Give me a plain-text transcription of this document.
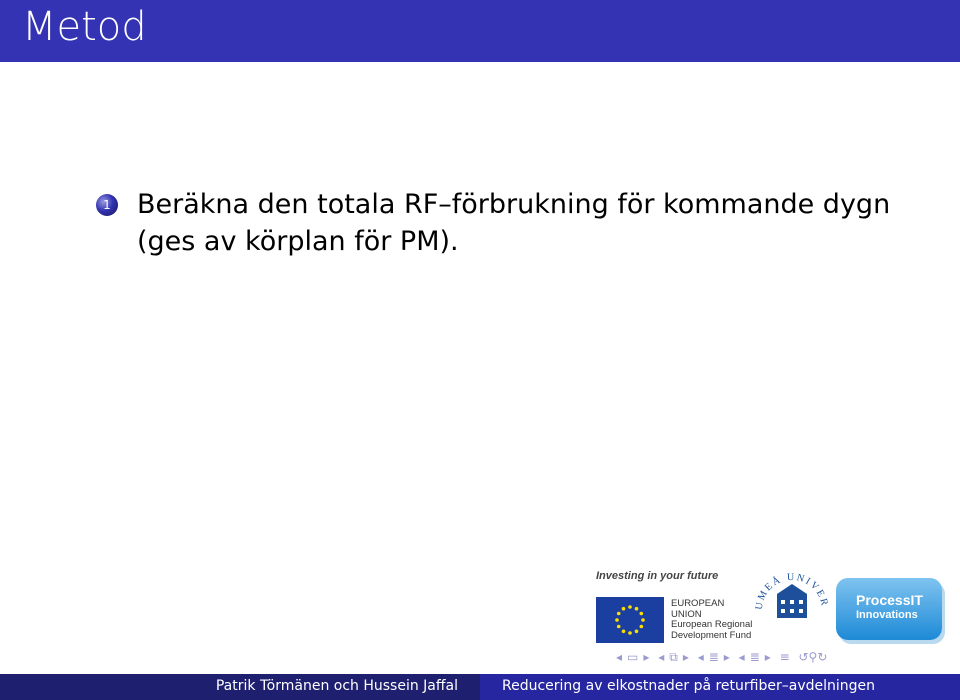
Metod
1 Beräkna den totala RF–förbrukning för kommande dygn (ges av körplan för PM).
Investing in your future
EUROPEAN
UNION
European Regional
Development Fund
UMEÅ UNIVER ProcessIT
Innovations
◂ ▭ ▸ ◂ ⧉ ▸ ◂ ≣ ▸ ◂ ≣ ▸ ≡ ↺⚲↻
Patrik Törmänen och Hussein Jaffal	Reducering av elkostnader på returfiber–avdelningen
